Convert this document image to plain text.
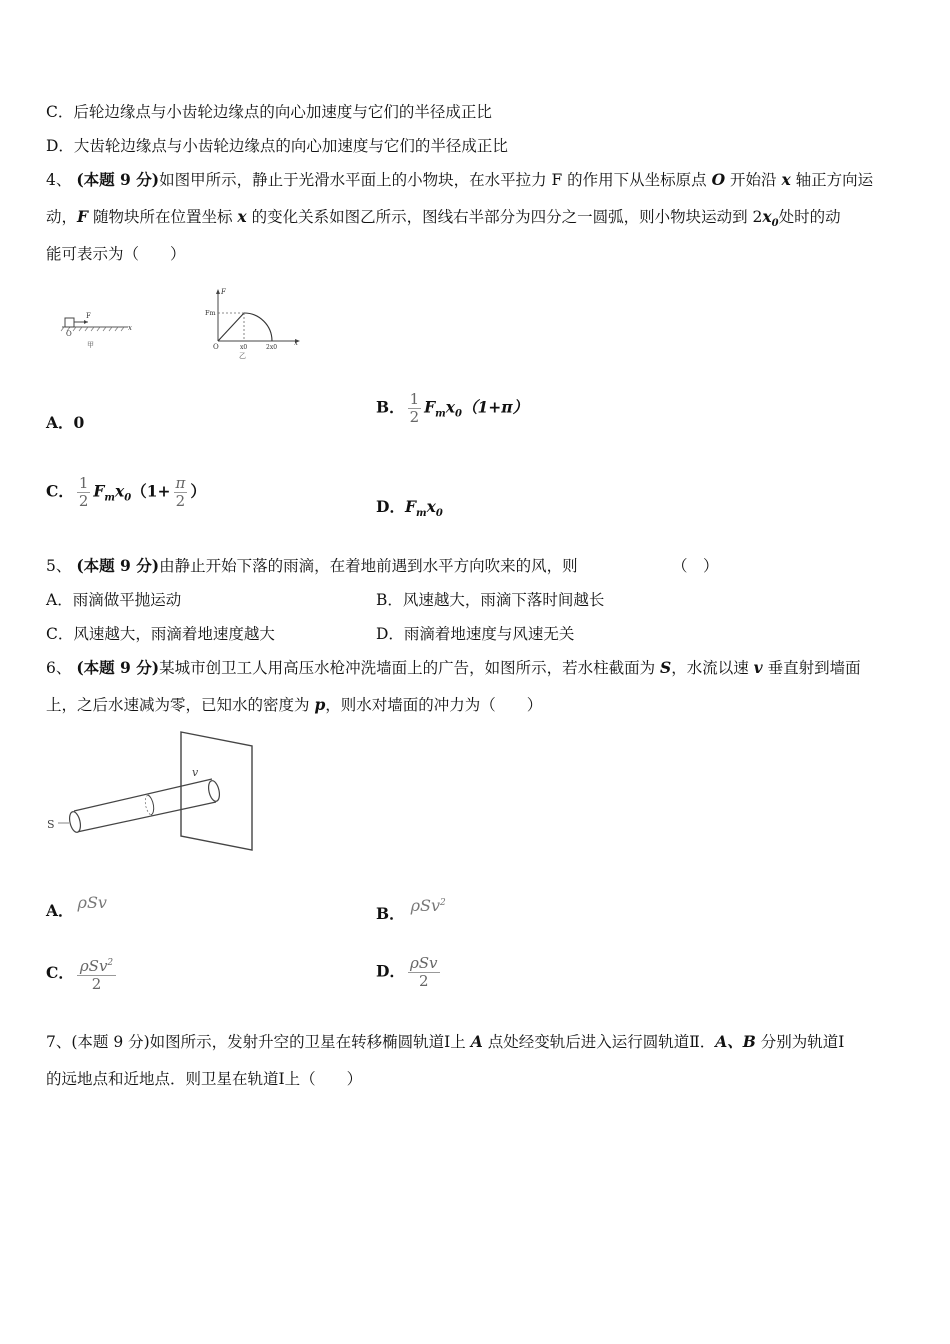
C．后轮边缘点与小齿轮边缘点的向心加速度与它们的半径成正比
D．大齿轮边缘点与小齿轮边缘点的向心加速度与它们的半径成正比
4、 (本题 9 分)如图甲所示，静止于光滑水平面上的小物块，在水平拉力 F 的作用下从坐标原点 O 开始沿 x 轴正方向运
动，F 随物块所在位置坐标 x 的变化关系如图乙所示，图线右半部分为四分之一圆弧，则小物块运动到 $2x_0$处时的动
能可表示为（　　）
F
O
x
甲
F
Fm
O	x0	2x0
x
乙
A．0
B． $\frac{1}{2} F_mx_0(1+\pi)$
C． $\frac{1}{2} F_mx_0(1+ \frac{\pi}{2}$ ）
D．$F_mx_0$
5、 (本题 9 分)由静止开始下落的雨滴，在着地前遇到水平方向吹来的风，则	（　）
A．雨滴做平抛运动	B．风速越大，雨滴下落时间越长
C．风速越大，雨滴着地速度越大	D．雨滴着地速度与风速无关
6、 (本题 9 分)某城市创卫工人用高压水枪冲洗墙面上的广告，如图所示，若水柱截面为 S，水流以速 v 垂直射到墙面
上，之后水速减为零，已知水的密度为 p，则水对墙面的冲力为（　　）
S
v
A． ρSv
B． ρSv$^2$
C． $\frac{\rho Sv^2}{2}$	D． $\frac{\text{ρSv}}{2}$
7、(本题 9 分)如图所示，发射升空的卫星在转移椭圆轨道Ⅰ上 A 点处经变轨后进入运行圆轨道Ⅱ．A、B 分别为轨道Ⅰ
的远地点和近地点．则卫星在轨道Ⅰ上（　　）
